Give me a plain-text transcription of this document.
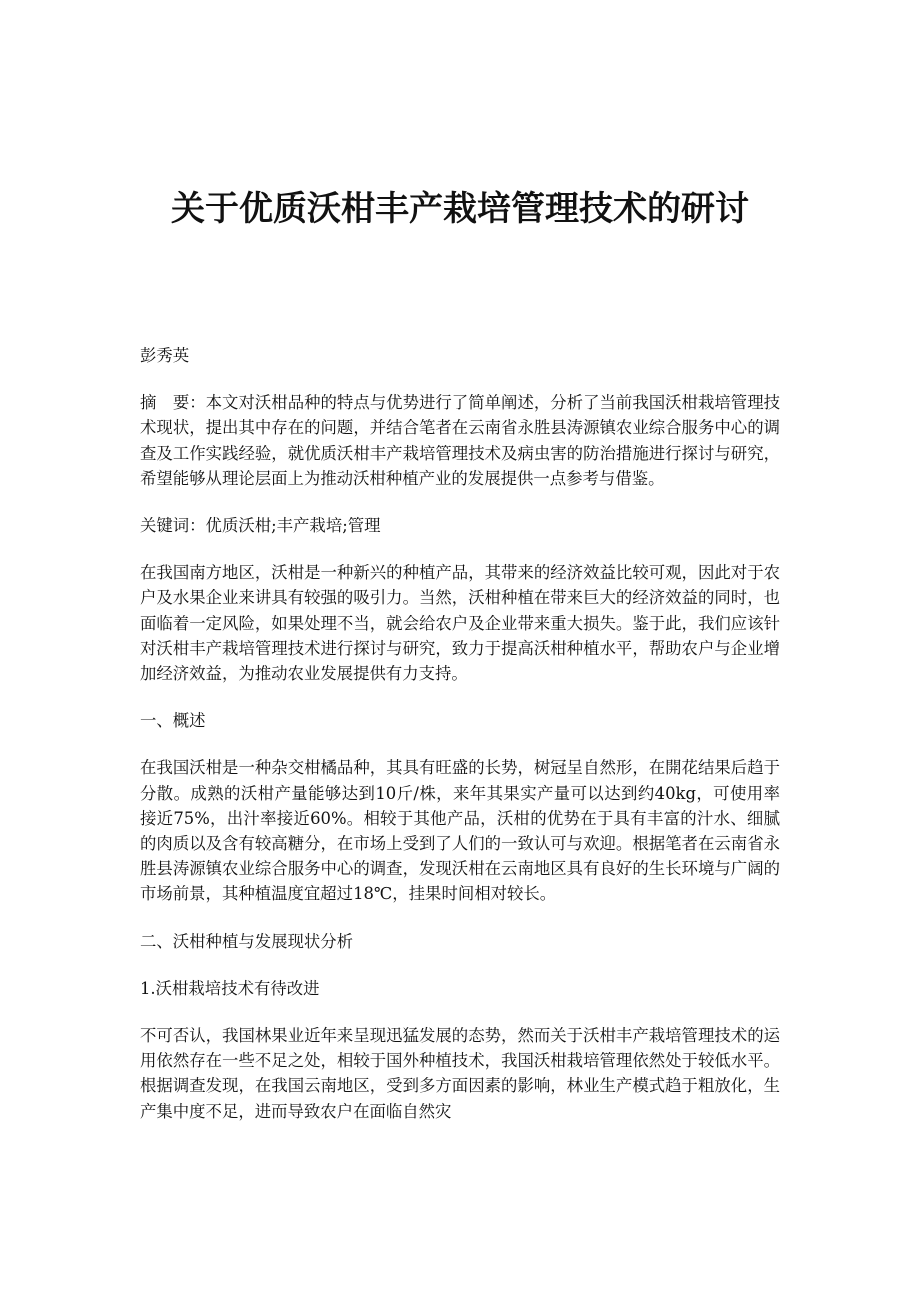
关于优质沃柑丰产栽培管理技术的研讨

彭秀英

摘　要：本文对沃柑品种的特点与优势进行了简单阐述，分析了当前我国沃柑栽培管理技术现状，提出其中存在的问题，并结合笔者在云南省永胜县涛源镇农业综合服务中心的调查及工作实践经验，就优质沃柑丰产栽培管理技术及病虫害的防治措施进行探讨与研究，希望能够从理论层面上为推动沃柑种植产业的发展提供一点参考与借鉴。

关键词：优质沃柑;丰产栽培;管理

在我国南方地区，沃柑是一种新兴的种植产品，其带来的经济效益比较可观，因此对于农户及水果企业来讲具有较强的吸引力。当然，沃柑种植在带来巨大的经济效益的同时，也面临着一定风险，如果处理不当，就会给农户及企业带来重大损失。鉴于此，我们应该针对沃柑丰产栽培管理技术进行探讨与研究，致力于提高沃柑种植水平，帮助农户与企业增加经济效益，为推动农业发展提供有力支持。

一、概述

在我国沃柑是一种杂交柑橘品种，其具有旺盛的长势，树冠呈自然形，在開花结果后趋于分散。成熟的沃柑产量能够达到10斤/株，来年其果实产量可以达到约40kg，可使用率接近75%，出汁率接近60%。相较于其他产品，沃柑的优势在于具有丰富的汁水、细腻的肉质以及含有较高糖分，在市场上受到了人们的一致认可与欢迎。根据笔者在云南省永胜县涛源镇农业综合服务中心的调查，发现沃柑在云南地区具有良好的生长环境与广阔的市场前景，其种植温度宜超过18℃，挂果时间相对较长。

二、沃柑种植与发展现状分析

1.沃柑栽培技术有待改进

不可否认，我国林果业近年来呈现迅猛发展的态势，然而关于沃柑丰产栽培管理技术的运用依然存在一些不足之处，相较于国外种植技术，我国沃柑栽培管理依然处于较低水平。根据调查发现，在我国云南地区，受到多方面因素的影响，林业生产模式趋于粗放化，生产集中度不足，进而导致农户在面临自然灾
